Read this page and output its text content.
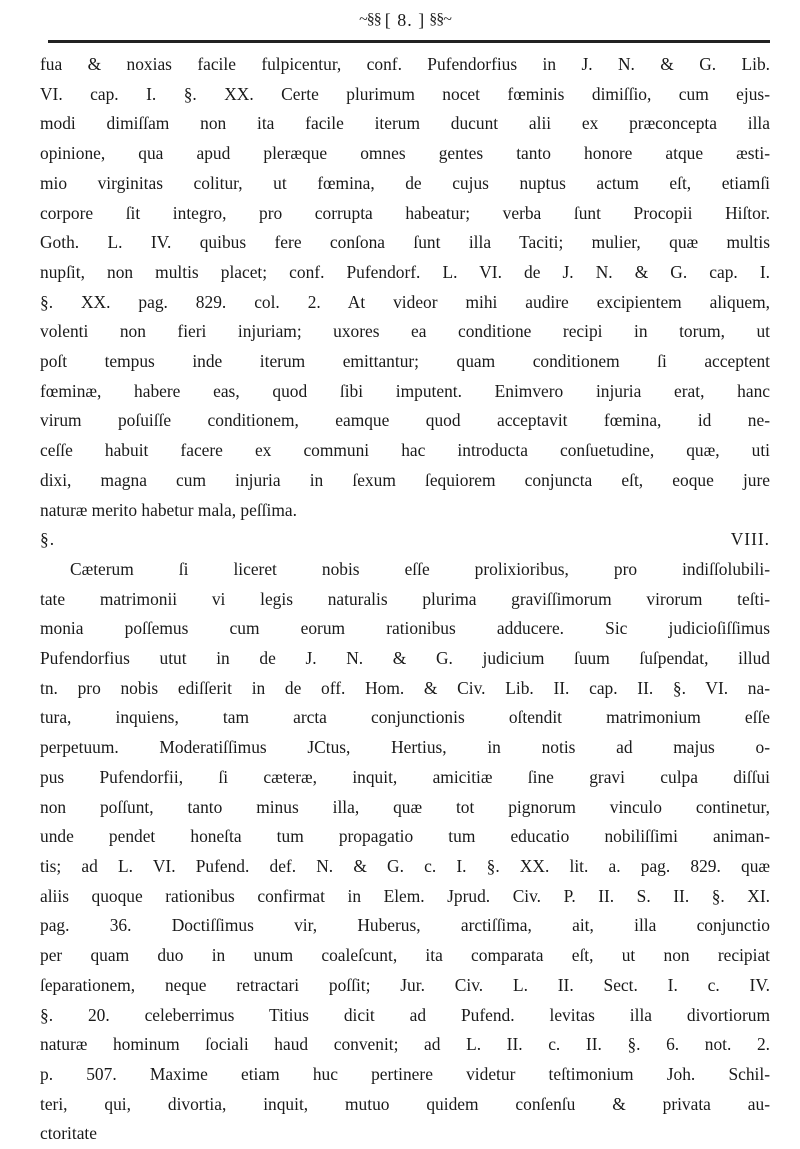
~§§ [ 8. ] §§~

fua & noxias facile fulpicentur, conf. Pufendorfius in J. N. & G. Lib.
VI. cap. I. §. XX. Certe plurimum nocet fœminis dimiſſio, cum ejus-
modi dimiſſam non ita facile iterum ducunt alii ex præconcepta illa
opinione, qua apud pleræque omnes gentes tanto honore atque æsti-
mio virginitas colitur, ut fœmina, de cujus nuptus actum eſt, etiamſi
corpore ſit integro, pro corrupta habeatur; verba ſunt Procopii Hiſtor.
Goth. L. IV. quibus fere conſona ſunt illa Taciti; mulier, quæ multis
nupſit, non multis placet; conf. Pufendorf. L. VI. de J. N. & G. cap. I.
§. XX. pag. 829. col. 2. At videor mihi audire excipientem aliquem,
volenti non fieri injuriam; uxores ea conditione recipi in torum, ut
poſt tempus inde iterum emittantur; quam conditionem ſi acceptent
fœminæ, habere eas, quod ſibi imputent. Enimvero injuria erat, hanc
virum poſuiſſe conditionem, eamque quod acceptavit fœmina, id ne-
ceſſe habuit facere ex communi hac introducta conſuetudine, quæ, uti
dixi, magna cum injuria in ſexum ſequiorem conjuncta eſt, eoque jure
naturæ merito habetur mala, peſſima.

§. VIII.

Cæterum ſi liceret nobis eſſe prolixioribus, pro indiſſolubili-
tate matrimonii vi legis naturalis plurima graviſſimorum virorum teſti-
monia poſſemus cum eorum rationibus adducere. Sic judicioſiſſimus
Pufendorfius utut in de J. N. & G. judicium ſuum ſuſpendat, illud
tn. pro nobis ediſſerit in de off. Hom. & Civ. Lib. II. cap. II. §. VI. na-
tura, inquiens, tam arcta conjunctionis oſtendit matrimonium eſſe
perpetuum. Moderatiſſimus JCtus, Hertius, in notis ad majus o-
pus Pufendorfii, ſi cæteræ, inquit, amicitiæ ſine gravi culpa diſſui
non poſſunt, tanto minus illa, quæ tot pignorum vinculo continetur,
unde pendet honeſta tum propagatio tum educatio nobiliſſimi animan-
tis; ad L. VI. Pufend. def. N. & G. c. I. §. XX. lit. a. pag. 829. quæ
aliis quoque rationibus confirmat in Elem. Jprud. Civ. P. II. S. II. §. XI.
pag. 36. Doctiſſimus vir, Huberus, arctiſſima, ait, illa conjunctio
per quam duo in unum coaleſcunt, ita comparata eſt, ut non recipiat
ſeparationem, neque retractari poſſit; Jur. Civ. L. II. Sect. I. c. IV.
§. 20. celeberrimus Titius dicit ad Pufend. levitas illa divortiorum
naturæ hominum ſociali haud convenit; ad L. II. c. II. §. 6. not. 2.
p. 507. Maxime etiam huc pertinere videtur teſtimonium Joh. Schil-
teri, qui, divortia, inquit, mutuo quidem conſenſu & privata au-
ctoritate
